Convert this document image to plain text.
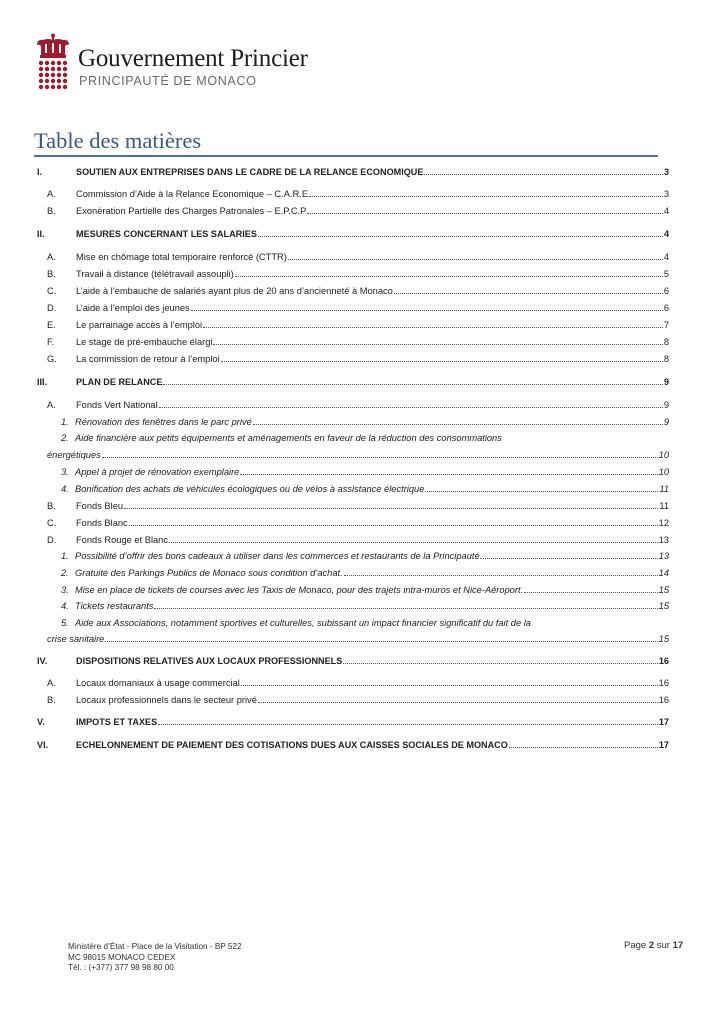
Gouvernement Princier
PRINCIPAUTÉ DE MONACO
Table des matières
I.	SOUTIEN AUX ENTREPRISES DANS LE CADRE DE LA RELANCE ECONOMIQUE	3
A.	Commission d’Aide à la Relance Economique – C.A.R.E	3
B.	Exonération Partielle des Charges Patronales – E.P.C.P	4
II.	MESURES CONCERNANT LES SALARIES	4
A.	Mise en chômage total temporaire renforcé (CTTR)	4
B.	Travail à distance (télétravail assoupli)	5
C.	L’aide à l’embauche de salariés ayant plus de 20 ans d’ancienneté à Monaco	6
D.	L’aide à l’emploi des jeunes	6
E.	Le parrainage accès à l’emploi	7
F.	Le stage de pré-embauche élargi	8
G.	La commission de retour à l’emploi	8
III.	PLAN DE RELANCE	9
A.	Fonds Vert National	9
1. Rénovation des fenêtres dans le parc privé	9
2. Aide financière aux petits équipements et aménagements en faveur de la réduction des consommations
énergétiques	10
3. Appel à projet de rénovation exemplaire	10
4. Bonification des achats de véhicules écologiques ou de vélos à assistance électrique	11
B.	Fonds Bleu	11
C.	Fonds Blanc	12
D.	Fonds Rouge et Blanc	13
1. Possibilité d’offrir des bons cadeaux à utiliser dans les commerces et restaurants de la Principauté.	13
2. Gratuité des Parkings Publics de Monaco sous condition d’achat.	14
3. Mise en place de tickets de courses avec les Taxis de Monaco, pour des trajets intra-muros et Nice-Aéroport.	15
4. Tickets restaurants	15
5. Aide aux Associations, notamment sportives et culturelles, subissant un impact financier significatif du fait de la
crise sanitaire	15
IV.	DISPOSITIONS RELATIVES AUX LOCAUX PROFESSIONNELS	16
A.	Locaux domaniaux à usage commercial	16
B.	Locaux professionnels dans le secteur privé	16
V.	IMPOTS ET TAXES	17
VI.	ECHELONNEMENT DE PAIEMENT DES COTISATIONS DUES AUX CAISSES SOCIALES DE MONACO	17
Ministère d’État - Place de la Visitation - BP 522
MC 98015 MONACO CEDEX
Tél. : (+377) 377 98 98 80 00
Page 2 sur 17
